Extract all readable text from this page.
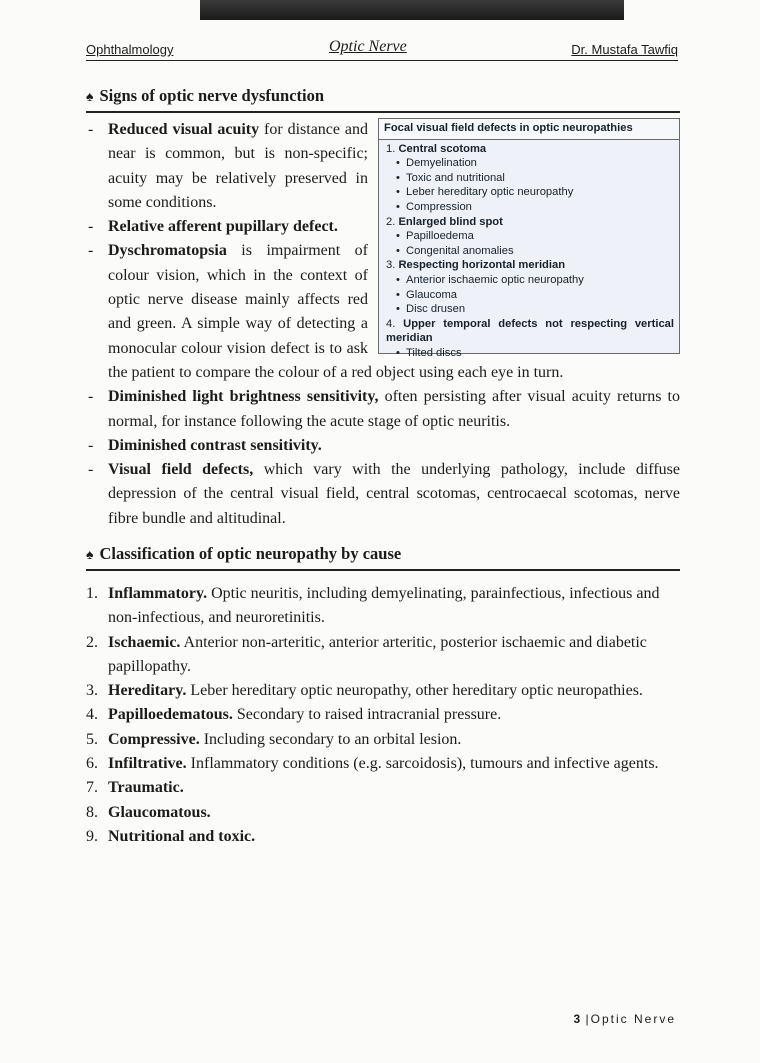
Ophthalmology	Optic Nerve	Dr. Mustafa Tawfiq
♠ Signs of optic nerve dysfunction
- Focal visual field defects in optic neuropathies
1. Central scotoma
• Demyelination
• Toxic and nutritional
• Leber hereditary optic neuropathy
• Compression
2. Enlarged blind spot
• Papilloedema
• Congenital anomalies
3. Respecting horizontal meridian
• Anterior ischaemic optic neuropathy
• Glaucoma
• Disc drusen
4. Upper temporal defects not respecting vertical meridian
• Tilted discs
Reduced visual acuity for distance and near is common, but is non-specific; acuity may be relatively preserved in some conditions.
- Relative afferent pupillary defect.
- Dyschromatopsia is impairment of colour vision, which in the context of optic nerve disease mainly affects red and green. A simple way of detecting a monocular colour vision defect is to ask the patient to compare the colour of a red object using each eye in turn.
- Diminished light brightness sensitivity, often persisting after visual acuity returns to normal, for instance following the acute stage of optic neuritis.
- Diminished contrast sensitivity.
- Visual field defects, which vary with the underlying pathology, include diffuse depression of the central visual field, central scotomas, centrocaecal scotomas, nerve fibre bundle and altitudinal.
♠ Classification of optic neuropathy by cause
1. Inflammatory. Optic neuritis, including demyelinating, parainfectious, infectious and non-infectious, and neuroretinitis.
2. Ischaemic. Anterior non-arteritic, anterior arteritic, posterior ischaemic and diabetic papillopathy.
3. Hereditary. Leber hereditary optic neuropathy, other hereditary optic neuropathies.
4. Papilloedematous. Secondary to raised intracranial pressure.
5. Compressive. Including secondary to an orbital lesion.
6. Infiltrative. Inflammatory conditions (e.g. sarcoidosis), tumours and infective agents.
7. Traumatic.
8. Glaucomatous.
9. Nutritional and toxic.
3 |Optic Nerve
